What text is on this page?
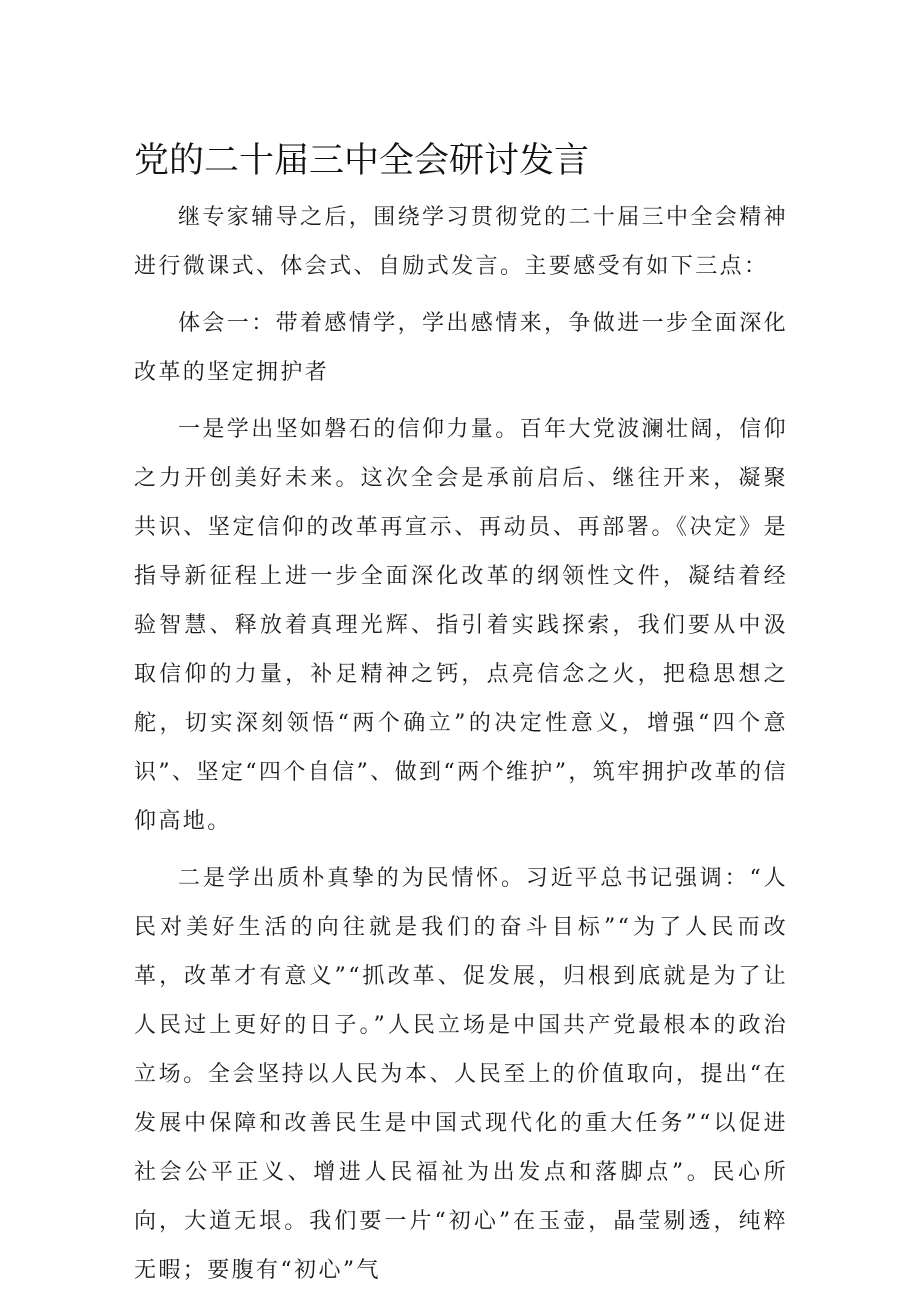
党的二十届三中全会研讨发言

继专家辅导之后，围绕学习贯彻党的二十届三中全会精神进行微课式、体会式、自励式发言。主要感受有如下三点：

体会一：带着感情学，学出感情来，争做进一步全面深化改革的坚定拥护者

一是学出坚如磐石的信仰力量。百年大党波澜壮阔，信仰之力开创美好未来。这次全会是承前启后、继往开来，凝聚共识、坚定信仰的改革再宣示、再动员、再部署。《决定》是指导新征程上进一步全面深化改革的纲领性文件，凝结着经验智慧、释放着真理光辉、指引着实践探索，我们要从中汲取信仰的力量，补足精神之钙，点亮信念之火，把稳思想之舵，切实深刻领悟“两个确立”的决定性意义，增强“四个意识”、坚定“四个自信”、做到“两个维护”，筑牢拥护改革的信仰高地。

二是学出质朴真挚的为民情怀。习近平总书记强调：“人民对美好生活的向往就是我们的奋斗目标”“为了人民而改革，改革才有意义”“抓改革、促发展，归根到底就是为了让人民过上更好的日子。”人民立场是中国共产党最根本的政治立场。全会坚持以人民为本、人民至上的价值取向，提出“在发展中保障和改善民生是中国式现代化的重大任务”“以促进社会公平正义、增进人民福祉为出发点和落脚点”。民心所向，大道无垠。我们要一片“初心”在玉壶，晶莹剔透，纯粹无暇；要腹有“初心”气
